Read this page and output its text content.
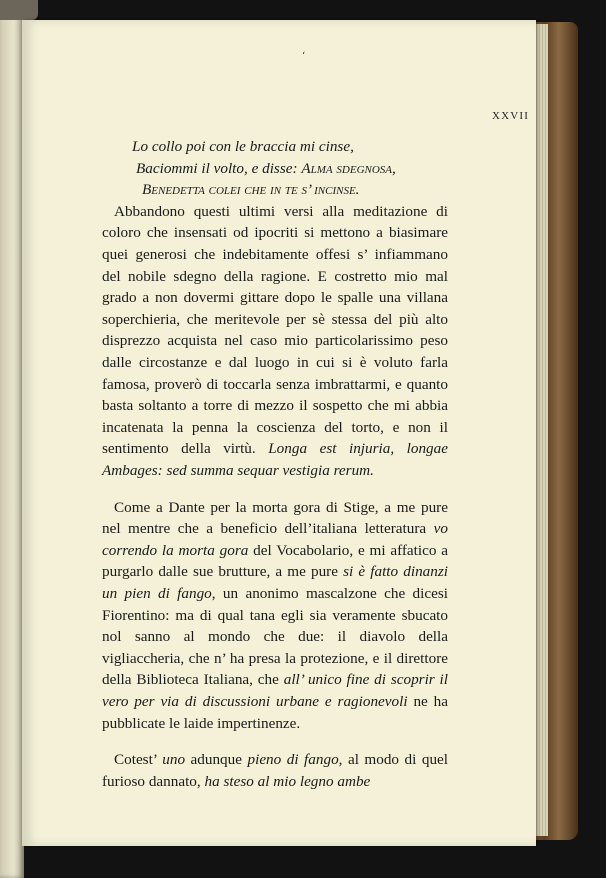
‘
XXVII
Lo collo poi con le braccia mi cinse,
Baciommi il volto, e disse: Alma sdegnosa,
Benedetta colei che in te s’ incinse.

Abbandono questi ultimi versi alla meditazione di coloro che insensati od ipocriti si mettono a biasimare quei generosi che indebitamente offesi s’ infiammano del nobile sdegno della ragione. E costretto mio mal grado a non dovermi gittare dopo le spalle una villana soperchieria, che meritevole per sè stessa del più alto disprezzo acquista nel caso mio particolarissimo peso dalle circostanze e dal luogo in cui si è voluto farla famosa, proverò di toccarla senza imbrattarmi, e quanto basta soltanto a torre di mezzo il sospetto che mi abbia incatenata la penna la coscienza del torto, e non il sentimento della virtù. Longa est injuria, longae Ambages: sed summa sequar vestigia rerum.

Come a Dante per la morta gora di Stige, a me pure nel mentre che a beneficio dell’italiana letteratura vo correndo la morta gora del Vocabolario, e mi affatico a purgarlo dalle sue brutture, a me pure si è fatto dinanzi un pien di fango, un anonimo mascalzone che dicesi Fiorentino: ma di qual tana egli sia veramente sbucato nol sanno al mondo che due: il diavolo della vigliaccheria, che n’ ha presa la protezione, e il direttore della Biblioteca Italiana, che all’ unico fine di scoprir il vero per via di discussioni urbane e ragionevoli ne ha pubblicate le laide impertinenze.

Cotest’ uno adunque pieno di fango, al modo di quel furioso dannato, ha steso al mio legno ambe
